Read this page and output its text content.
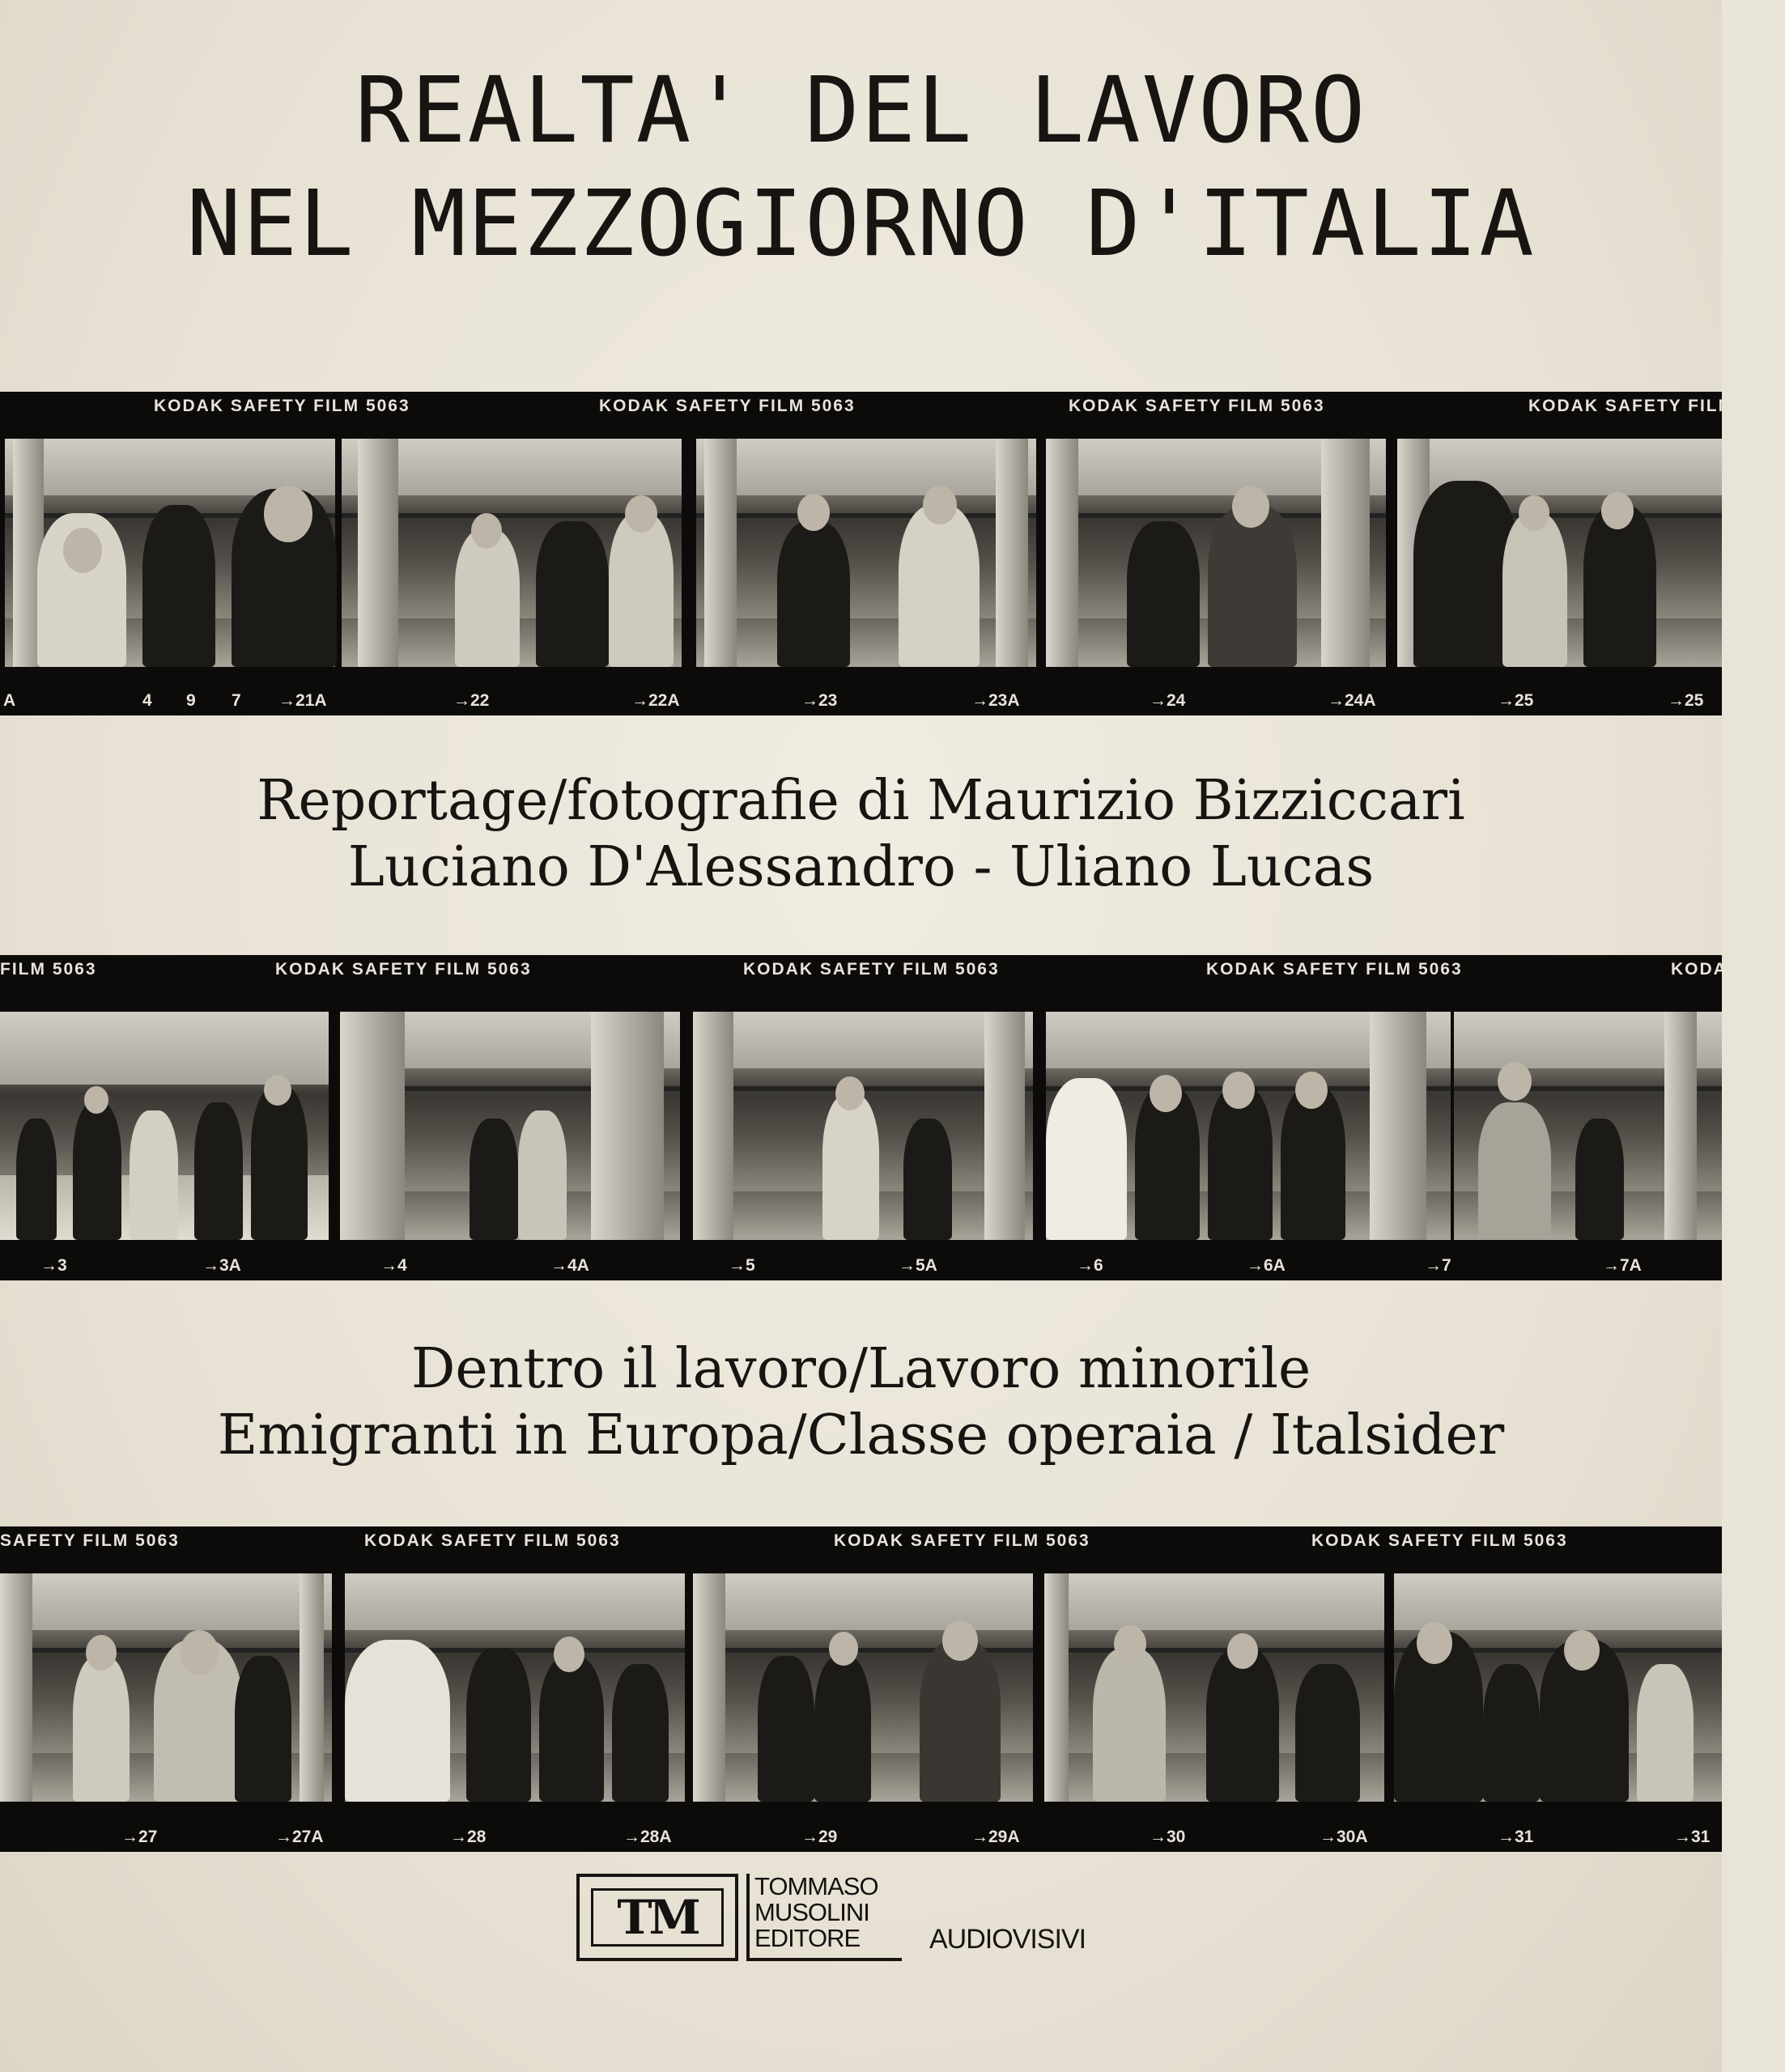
REALTA' DEL LAVORO
NEL MEZZOGIORNO D'ITALIA
KODAK SAFETY FILM 5063	KODAK SAFETY FILM 5063	KODAK SAFETY FILM 5063	KODAK SAFETY FILM 5063
A	4 9 7 →21A	→22	→22A	→23	→23A	→24	→24A	→25	→25
Reportage/fotografie di Maurizio Bizziccari
Luciano D'Alessandro - Uliano Lucas
FILM 5063	KODAK SAFETY FILM 5063	KODAK SAFETY FILM 5063	KODAK SAFETY FILM 5063	KODA
→3	→3A	→4	→4A	→5	→5A	→6	→6A	→7	→7A
Dentro il lavoro/Lavoro minorile
Emigranti in Europa/Classe operaia / Italsider
SAFETY FILM 5063	KODAK SAFETY FILM 5063	KODAK SAFETY FILM 5063	KODAK SAFETY FILM 5063
→27	→27A	→28	→28A	→29	→29A	→30	→30A	→31	→31
TM
TOMMASO
MUSOLINI
EDITORE	AUDIOVISIVI
